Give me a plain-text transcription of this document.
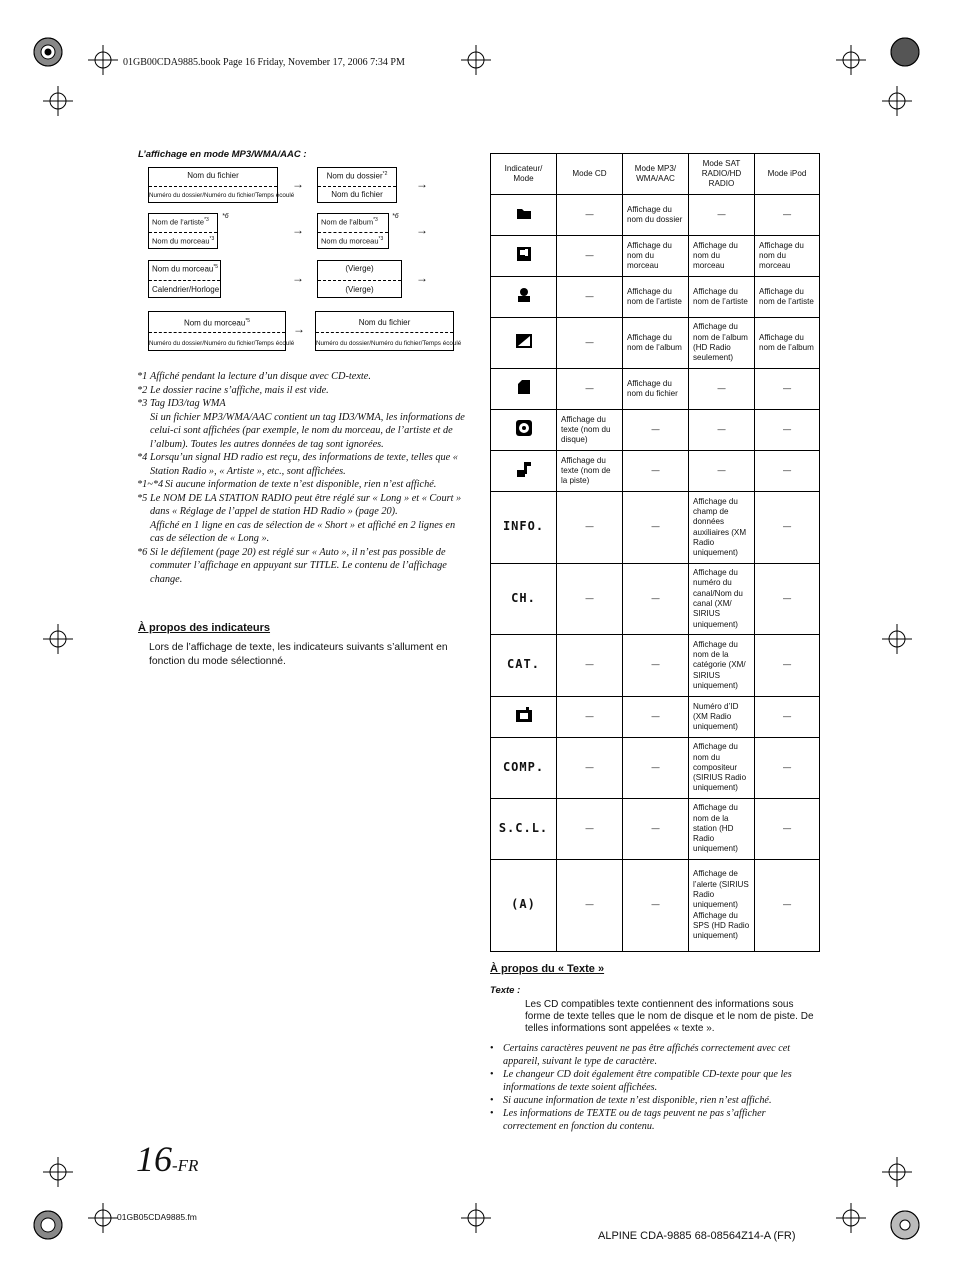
01GB00CDA9885.book Page 16 Friday, November 17, 2006 7:34 PM
L’affichage en mode MP3/WMA/AAC :
Nom du fichier
Numéro du dossier/Numéro du fichier/Temps écoulé
→
Nom du dossier$^{*2}$
Nom du fichier
→
Nom de l’artiste$^{*3}$
Nom du morceau$^{*3}$
*6
→
Nom de l’album$^{*3}$
Nom du morceau$^{*3}$
*6
→
Nom du morceau$^{*5}$
Calendrier/Horloge
→
(Vierge)
(Vierge)
→
Nom du morceau$^{*5}$
Numéro du dossier/Numéro du fichier/Temps écoulé
→	Nom du fichier
Numéro du dossier/Numéro du fichier/Temps écoulé
*1 Affiché pendant la lecture d’un disque avec CD-texte.
*2 Le dossier racine s’affiche, mais il est vide.
*3 Tag ID3/tag WMA
Si un fichier MP3/WMA/AAC contient un tag ID3/WMA, les informations de celui-ci sont affichées (par exemple, le nom du morceau, de l’artiste et de l’album). Toutes les autres données de tag sont ignorées.
*4 Lorsqu’un signal HD radio est reçu, des informations de texte, telles que « Station Radio », « Artiste », etc., sont affichées.
*1~*4 Si aucune information de texte n’est disponible, rien n’est affiché.
*5 Le NOM DE LA STATION RADIO peut être réglé sur « Long » et « Court » dans « Réglage de l’appel de station HD Radio » (page 20).
Affiché en 1 ligne en cas de sélection de « Short » et affiché en 2 lignes en cas de sélection de « Long ».
*6 Si le défilement (page 20) est réglé sur « Auto », il n’est pas possible de commuter l’affichage en appuyant sur TITLE. Le contenu de l’affichage change.
À propos des indicateurs
Lors de l’affichage de texte, les indicateurs suivants s’allument en fonction du mode sélectionné.
Indicateur/ Mode	Mode CD	Mode MP3/ WMA/AAC	Mode SAT RADIO/HD RADIO	Mode iPod
	—	Affichage du nom du dossier	—	—
	—	Affichage du nom du morceau	Affichage du nom du morceau	Affichage du nom du morceau
	—	Affichage du nom de l’artiste	Affichage du nom de l’artiste	Affichage du nom de l’artiste
	—	Affichage du nom de l’album	Affichage du nom de l’album (HD Radio seulement)	Affichage du nom de l’album
	—	Affichage du nom du fichier	—	—
	Affichage du texte (nom du disque)	—	—	—
	Affichage du texte (nom de la piste)	—	—	—
INFO.	—	—	Affichage du champ de données auxiliaires (XM Radio uniquement)	—
CH.	—	—	Affichage du numéro du canal/Nom du canal (XM/ SIRIUS uniquement)	—
CAT.	—	—	Affichage du nom de la catégorie (XM/ SIRIUS uniquement)	—
	—	—	Numéro d’ID (XM Radio uniquement)	—
COMP.	—	—	Affichage du nom du compositeur (SIRIUS Radio uniquement)	—
S.C.L.	—	—	Affichage du nom de la station (HD Radio uniquement)	—
(A)	—	—	Affichage de l’alerte (SIRIUS Radio uniquement) Affichage du SPS (HD Radio uniquement)	—
À propos du « Texte »
Texte :
Les CD compatibles texte contiennent des informations sous forme de texte telles que le nom de disque et le nom de piste. De telles informations sont appelées « texte ».
• Certains caractères peuvent ne pas être affichés correctement avec cet appareil, suivant le type de caractère.
• Le changeur CD doit également être compatible CD-texte pour que les informations de texte soient affichées.
• Si aucune information de texte n’est disponible, rien n’est affiché.
• Les informations de TEXTE ou de tags peuvent ne pas s’afficher correctement en fonction du contenu.
16-FR
01GB05CDA9885.fm
ALPINE CDA-9885 68-08564Z14-A (FR)
